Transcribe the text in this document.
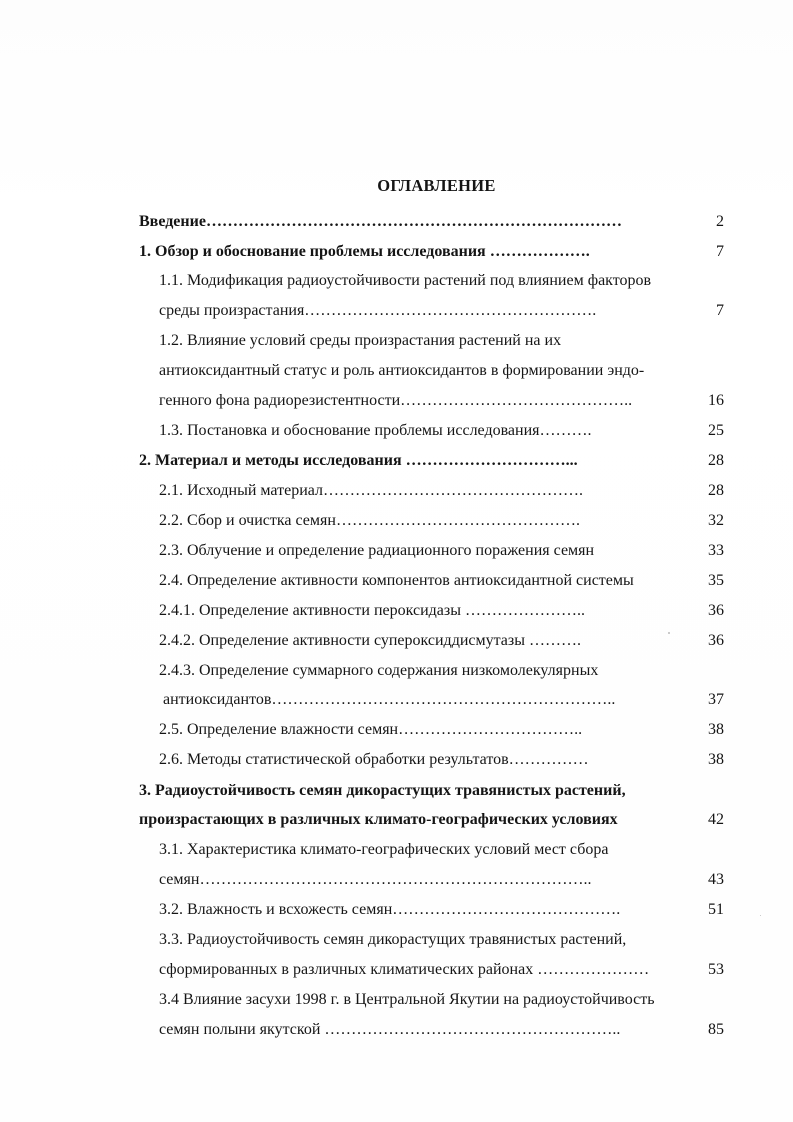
ОГЛАВЛЕНИЕ
Введение……………………………………………………………………	2
1. Обзор и обоснование проблемы исследования ……………….	7
1.1. Модификация радиоустойчивости растений под влиянием факторов
среды произрастания……………………………………………….	7
1.2. Влияние условий среды произрастания растений на их
антиоксидантный статус и роль антиоксидантов в формировании эндо-
генного фона радиорезистентности……………………………………..	16
1.3. Постановка и обоснование проблемы исследования……….	25
2. Материал и методы исследования …………………………...	28
2.1. Исходный материал………………………………………….	28
2.2. Сбор и очистка семян……………………………………….	32
2.3. Облучение и определение радиационного поражения семян	33
2.4. Определение активности компонентов антиоксидантной системы	35
2.4.1. Определение активности пероксидазы …………………..	36
2.4.2. Определение активности супероксиддисмутазы ……….	36
2.4.3. Определение суммарного содержания низкомолекулярных
антиоксидантов………………………………………………………..	37
2.5. Определение влажности семян……………………………..	38
2.6. Методы статистической обработки результатов……………	38
3. Радиоустойчивость семян дикорастущих травянистых растений,
произрастающих в различных климато-географических условиях	42
3.1. Характеристика климато-географических условий мест сбора
семян………………………………………………………………..	43
3.2. Влажность и всхожесть семян…………………………………….	51
3.3. Радиоустойчивость семян дикорастущих травянистых растений,
сформированных в различных климатических районах …………………	53
3.4 Влияние засухи 1998 г. в Центральной Якутии на радиоустойчивость
семян полыни якутской ………………………………………………..	85
